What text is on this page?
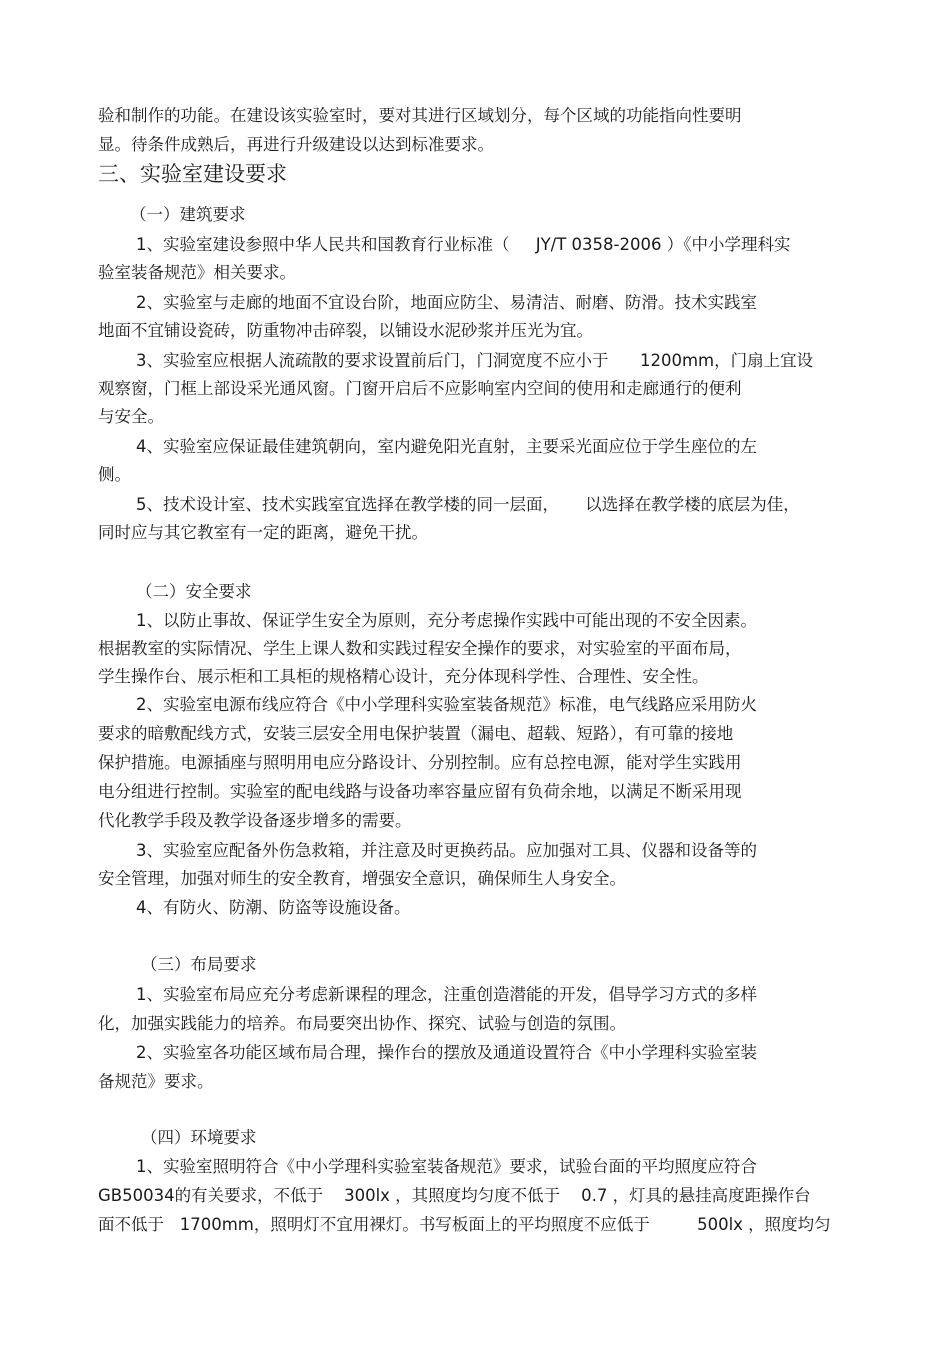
验和制作的功能。在建设该实验室时，要对其进行区域划分，每个区域的功能指向性要明
显。待条件成熟后，再进行升级建设以达到标准要求。
三、实验室建设要求
（一）建筑要求
1、实验室建设参照中华人民共和国教育行业标准（     JY/T 0358-2006 ）《中小学理科实
验室装备规范》相关要求。
2、实验室与走廊的地面不宜设台阶，地面应防尘、易清洁、耐磨、防滑。技术实践室
地面不宜铺设瓷砖，防重物冲击碎裂，以铺设水泥砂浆并压光为宜。
3、实验室应根据人流疏散的要求设置前后门，门洞宽度不应小于      1200mm，门扇上宜设
观察窗，门框上部设采光通风窗。门窗开启后不应影响室内空间的使用和走廊通行的便利
与安全。
4、实验室应保证最佳建筑朝向，室内避免阳光直射，主要采光面应位于学生座位的左
侧。
5、技术设计室、技术实践室宜选择在教学楼的同一层面，     以选择在教学楼的底层为佳，
同时应与其它教室有一定的距离，避免干扰。
（二）安全要求
1、以防止事故、保证学生安全为原则，充分考虑操作实践中可能出现的不安全因素。
根据教室的实际情况、学生上课人数和实践过程安全操作的要求，对实验室的平面布局，
学生操作台、展示柜和工具柜的规格精心设计，充分体现科学性、合理性、安全性。
2、实验室电源布线应符合《中小学理科实验室装备规范》标准，电气线路应采用防火
要求的暗敷配线方式，安装三层安全用电保护装置（漏电、超载、短路），有可靠的接地
保护措施。电源插座与照明用电应分路设计、分别控制。应有总控电源，能对学生实践用
电分组进行控制。实验室的配电线路与设备功率容量应留有负荷余地，以满足不断采用现
代化教学手段及教学设备逐步增多的需要。
3、实验室应配备外伤急救箱，并注意及时更换药品。应加强对工具、仪器和设备等的
安全管理，加强对师生的安全教育，增强安全意识，确保师生人身安全。
4、有防火、防潮、防盗等设施设备。
（三）布局要求
1、实验室布局应充分考虑新课程的理念，注重创造潜能的开发，倡导学习方式的多样
化，加强实践能力的培养。布局要突出协作、探究、试验与创造的氛围。
2、实验室各功能区域布局合理，操作台的摆放及通道设置符合《中小学理科实验室装
备规范》要求。
（四）环境要求
1、实验室照明符合《中小学理科实验室装备规范》要求，试验台面的平均照度应符合
GB50034的有关要求，不低于    300lx ，其照度均匀度不低于    0.7 ，灯具的悬挂高度距操作台
面不低于   1700mm，照明灯不宜用裸灯。书写板面上的平均照度不应低于         500lx ，照度均匀
